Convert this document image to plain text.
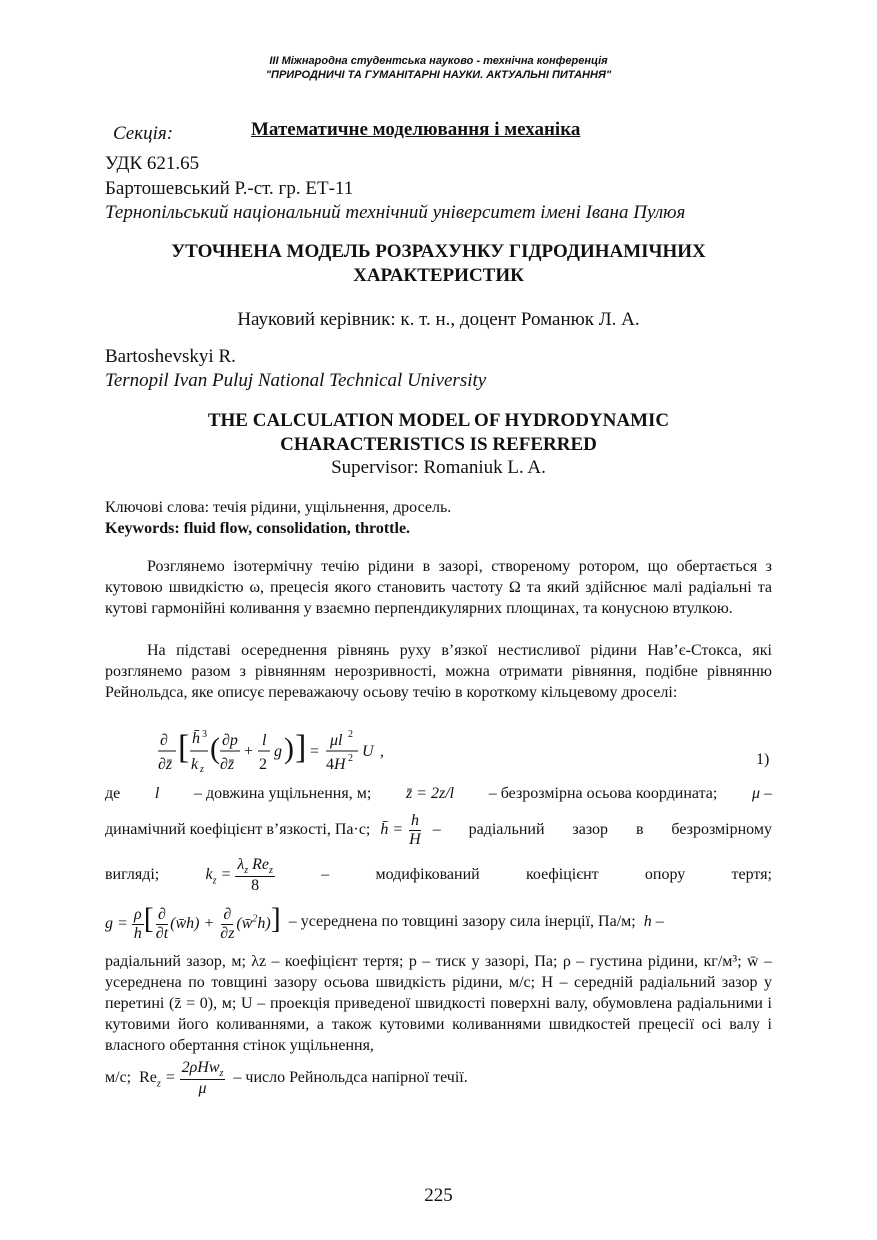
III Міжнародна студентська науково - технічна конференція
"ПРИРОДНИЧІ ТА ГУМАНІТАРНІ НАУКИ. АКТУАЛЬНІ ПИТАННЯ"
Секція:	Математичне моделювання і механіка
УДК 621.65
Бартошевський Р.-ст. гр. ЕТ-11
Тернопільський національний технічний університет імені Івана Пулюя
УТОЧНЕНА МОДЕЛЬ РОЗРАХУНКУ ГІДРОДИНАМІЧНИХ
ХАРАКТЕРИСТИК
Науковий керівник: к. т. н., доцент Романюк Л. А.
Bartoshevskyi R.
Ternopil Ivan Puluj National Technical University
THE CALCULATION MODEL OF HYDRODYNAMIC
CHARACTERISTICS IS REFERRED
Supervisor: Romaniuk L. A.
Ключові слова: течія рідини, ущільнення, дросель.
Keywords: fluid flow, consolidation, throttle.
Розглянемо ізотермічну течію рідини в зазорі, створеному ротором, що обертається з кутовою швидкістю ω, прецесія якого становить частоту Ω та який здійснює малі радіальні та кутові гармонійні коливання у взаємно перпендикулярних площинах, та конусною втулкою.
На підставі осереднення рівнянь руху в’язкої нестисливої рідини Нав’є-Стокса, які розглянемо разом з рівнянням нерозривності, можна отримати рівняння, подібне рівнянню Рейнольдса, яке описує переважаючу осьову течію в короткому кільцевому дроселі:
∂
∂z̄ [ h̄ 3
k z
( ∂p
∂z̄
+
l
2
g ) ] =
μl 2
4H 2 U ,	1)
де l – довжина ущільнення, м; z̄ = 2z/l – безрозмірна осьова координата; μ –
динамічний коефіцієнт в’язкості, Па·с; h̄ = $\frac{h}{H}$ – радіальний зазор в безрозмірному
вигляді;	$k_z = \frac{\lambda_z Re_z}{8}$	–	модифікований	коефіцієнт	опору	тертя;
$g = \frac{\rho}{h}$ [ $\frac{\partial}{\partial t}$ (w̄h) + $\frac{\partial}{\partial z}$ (w̄$^2$h)] – усереднена по товщині зазору сила інерції, Па/м; h –
радіальний зазор, м; λz – коефіцієнт тертя; p – тиск у зазорі, Па; ρ – густина рідини, кг/м³; w̄ – усереднена по товщині зазору осьова швидкість рідини, м/с; H – середній радіальний зазор у перетині (z̄ = 0), м; U – проекція приведеної швидкості поверхні валу, обумовлена радіальними і кутовими його коливаннями, а також кутовими коливаннями швидкостей прецесії осі валу і власного обертання стінок ущільнення,
м/с; $Re_z = \frac{2\rho Hw_z}{\mu}$ – число Рейнольдса напірної течії.
225
